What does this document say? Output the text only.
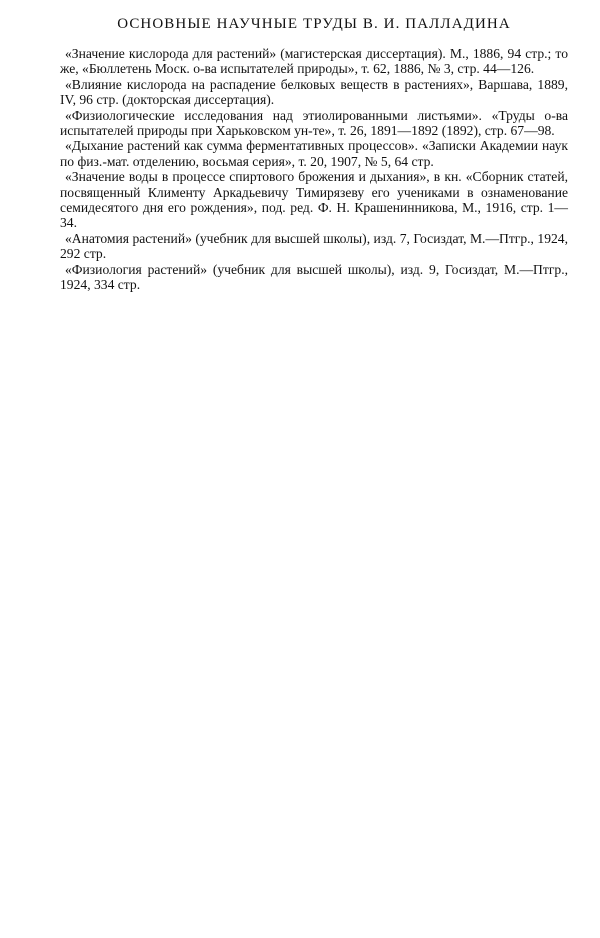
ОСНОВНЫЕ НАУЧНЫЕ ТРУДЫ В. И. ПАЛЛАДИНА

«Значение кислорода для растений» (магистерская диссертация). М., 1886, 94 стр.; то же, «Бюллетень Моск. о-ва испытателей природы», т. 62, 1886, № 3, стр. 44—126.

«Влияние кислорода на распадение белковых веществ в растениях», Варшава, 1889, IV, 96 стр. (докторская диссертация).

«Физиологические исследования над этиолированными листьями». «Труды о-ва испытателей природы при Харьковском ун-те», т. 26, 1891—1892 (1892), стр. 67—98.

«Дыхание растений как сумма ферментативных процессов». «Записки Академии наук по физ.-мат. отделению, восьмая серия», т. 20, 1907, № 5, 64 стр.

«Значение воды в процессе спиртового брожения и дыхания», в кн. «Сборник статей, посвященный Клименту Аркадьевичу Тимирязеву его учениками в ознаменование семидесятого дня его рождения», под. ред. Ф. Н. Крашенинникова, М., 1916, стр. 1—34.

«Анатомия растений» (учебник для высшей школы), изд. 7, Госиздат, М.—Птгр., 1924, 292 стр.

«Физиология растений» (учебник для высшей школы), изд. 9, Госиздат, М.—Птгр., 1924, 334 стр.
